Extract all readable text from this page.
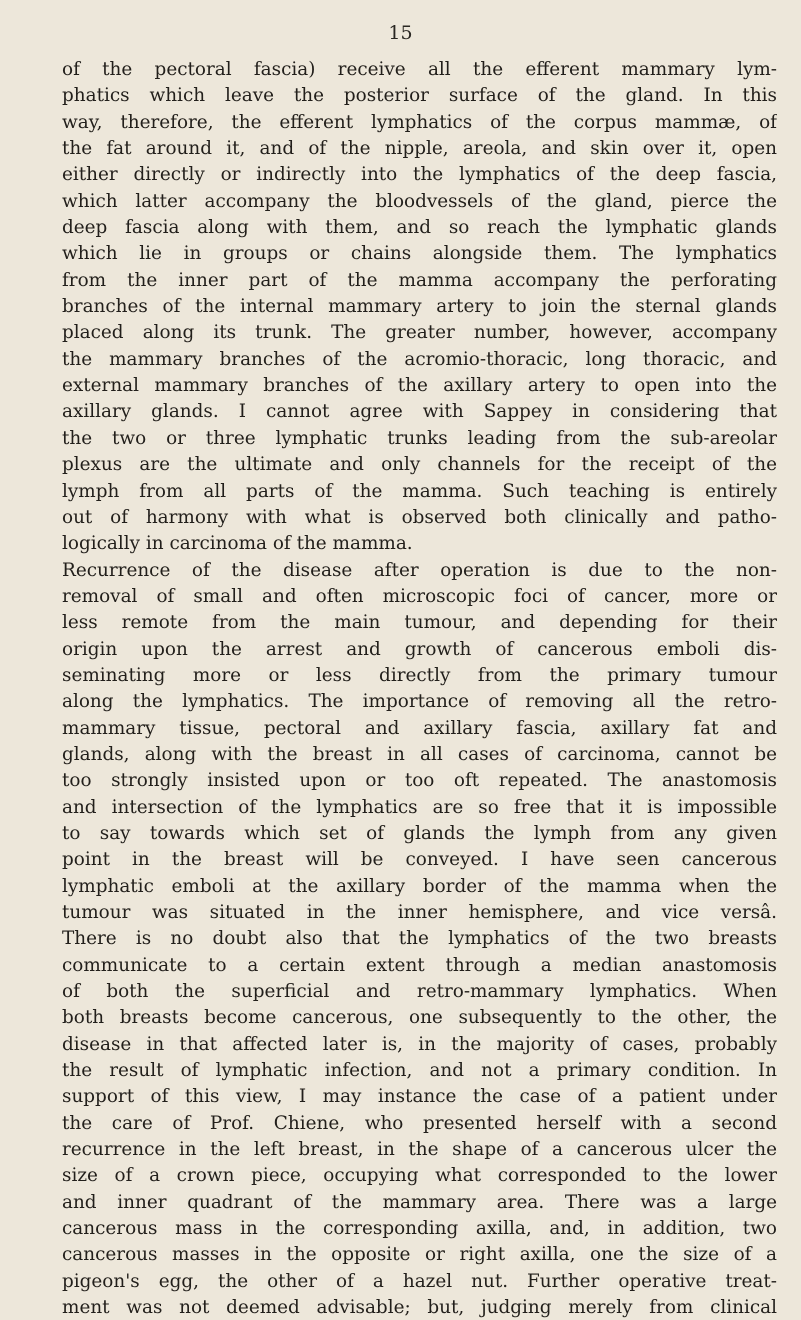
15
of the pectoral fascia) receive all the efferent mammary lym-
phatics which leave the posterior surface of the gland. In this
way, therefore, the efferent lymphatics of the corpus mammæ, of
the fat around it, and of the nipple, areola, and skin over it, open
either directly or indirectly into the lymphatics of the deep fascia,
which latter accompany the bloodvessels of the gland, pierce the
deep fascia along with them, and so reach the lymphatic glands
which lie in groups or chains alongside them. The lymphatics
from the inner part of the mamma accompany the perforating
branches of the internal mammary artery to join the sternal glands
placed along its trunk. The greater number, however, accompany
the mammary branches of the acromio-thoracic, long thoracic, and
external mammary branches of the axillary artery to open into the
axillary glands. I cannot agree with Sappey in considering that
the two or three lymphatic trunks leading from the sub-areolar
plexus are the ultimate and only channels for the receipt of the
lymph from all parts of the mamma. Such teaching is entirely
out of harmony with what is observed both clinically and patho-
logically in carcinoma of the mamma.
Recurrence of the disease after operation is due to the non-
removal of small and often microscopic foci of cancer, more or
less remote from the main tumour, and depending for their
origin upon the arrest and growth of cancerous emboli dis-
seminating more or less directly from the primary tumour
along the lymphatics. The importance of removing all the retro-
mammary tissue, pectoral and axillary fascia, axillary fat and
glands, along with the breast in all cases of carcinoma, cannot be
too strongly insisted upon or too oft repeated. The anastomosis
and intersection of the lymphatics are so free that it is impossible
to say towards which set of glands the lymph from any given
point in the breast will be conveyed. I have seen cancerous
lymphatic emboli at the axillary border of the mamma when the
tumour was situated in the inner hemisphere, and vice versâ.
There is no doubt also that the lymphatics of the two breasts
communicate to a certain extent through a median anastomosis
of both the superficial and retro-mammary lymphatics. When
both breasts become cancerous, one subsequently to the other, the
disease in that affected later is, in the majority of cases, probably
the result of lymphatic infection, and not a primary condition. In
support of this view, I may instance the case of a patient under
the care of Prof. Chiene, who presented herself with a second
recurrence in the left breast, in the shape of a cancerous ulcer the
size of a crown piece, occupying what corresponded to the lower
and inner quadrant of the mammary area. There was a large
cancerous mass in the corresponding axilla, and, in addition, two
cancerous masses in the opposite or right axilla, one the size of a
pigeon's egg, the other of a hazel nut. Further operative treat-
ment was not deemed advisable; but, judging merely from clinical
